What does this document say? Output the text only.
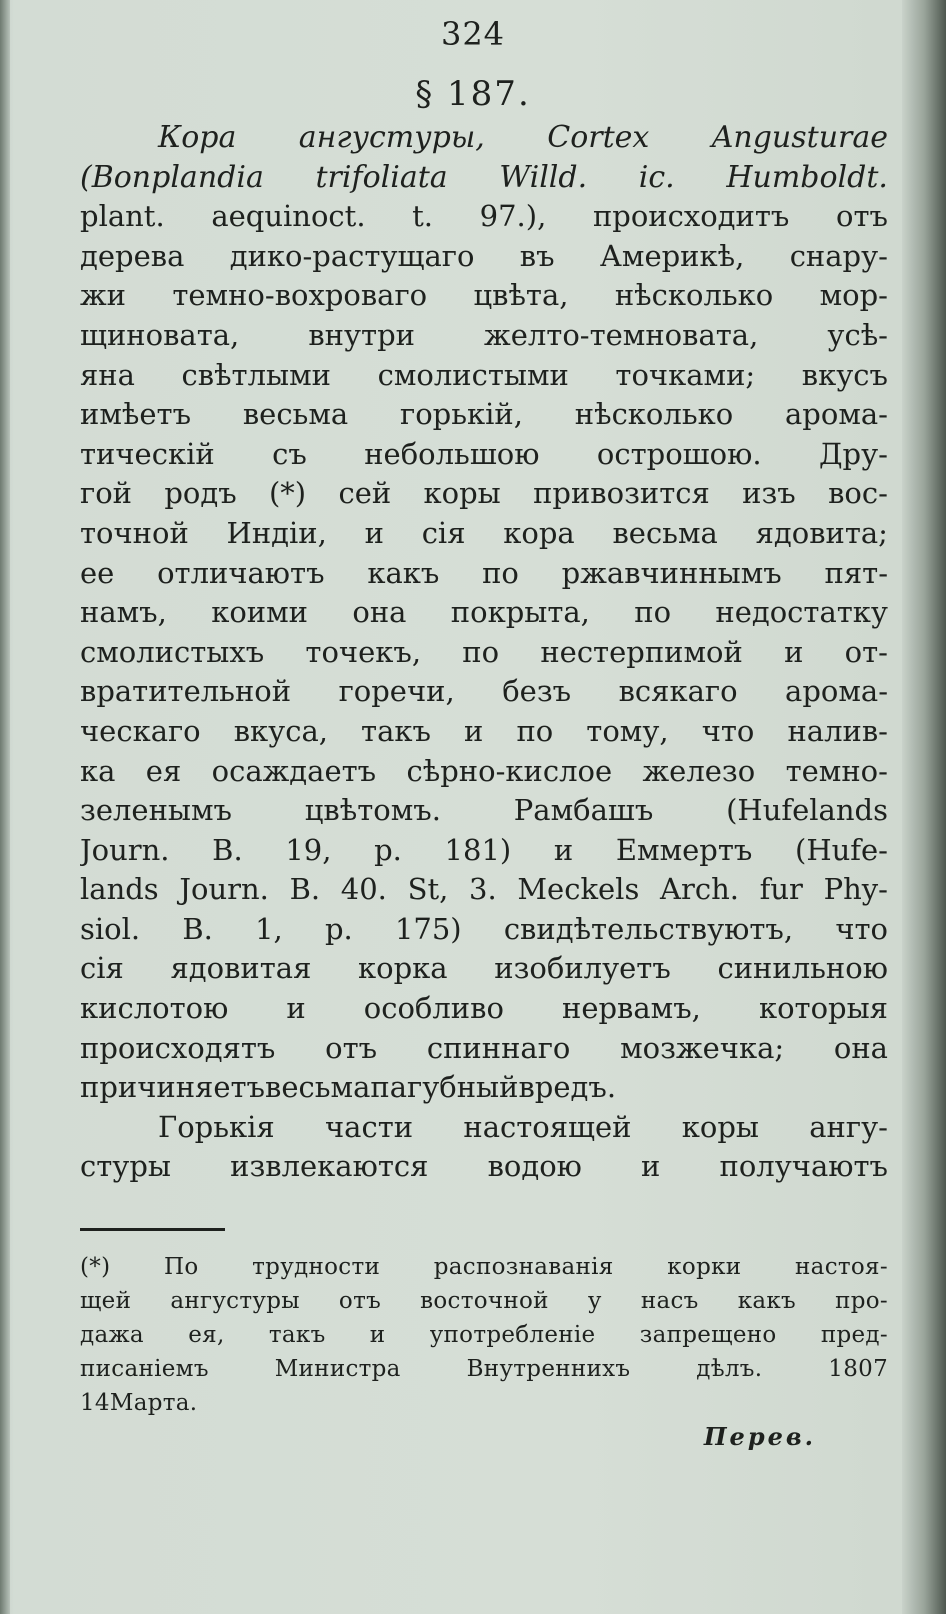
324
§ 187.
Кора ангустуры, Cortex Angusturae
(Bonplandia trifoliata Willd. ic. Humboldt.
plant. aequinoct. t. 97.), происходитъ отъ
дерева дико-растущаго въ Америкѣ, снару-
жи темно-вохроваго цвѣта, нѣсколько мор-
щиновата, внутри желто-темновата, усѣ-
яна свѣтлыми смолистыми точками; вкусъ
имѣетъ весьма горькій, нѣсколько арома-
тическій съ небольшою острошою. Дру-
гой родъ (*) сей коры привозится изъ вос-
точной Индіи, и сія кора весьма ядовита;
ее отличаютъ какъ по ржавчиннымъ пят-
намъ, коими она покрыта, по недостатку
смолистыхъ точекъ, по нестерпимой и от-
вратительной горечи, безъ всякаго арома-
ческаго вкуса, такъ и по тому, что налив-
ка ея осаждаетъ сѣрно-кислое железо темно-
зеленымъ	цвѣтомъ.	Рамбашъ	(Hufelands
Journ. B. 19, p. 181) и Еммертъ (Hufe-
lands Journ. B. 40. St, 3. Meckels Arch. fur Phy-
siol. B. 1, p. 175) свидѣтельствуютъ, что
сія ядовитая корка изобилуетъ синильною
кислотою и особливо нервамъ, которыя
происходятъ отъ спиннаго мозжечка; она
причиняетъ весьма пагубный вредъ.
Горькія части настоящей коры ангу-
стуры извлекаются водою и получаютъ
(*) По трудности распознаванія корки настоя-
щей ангустуры отъ восточной у насъ какъ про-
дажа ея, такъ и употребленіе запрещено пред-
писаніемъ	Министра	Внутреннихъ	дѣлъ.	1807
14 Марта.
Перев.
